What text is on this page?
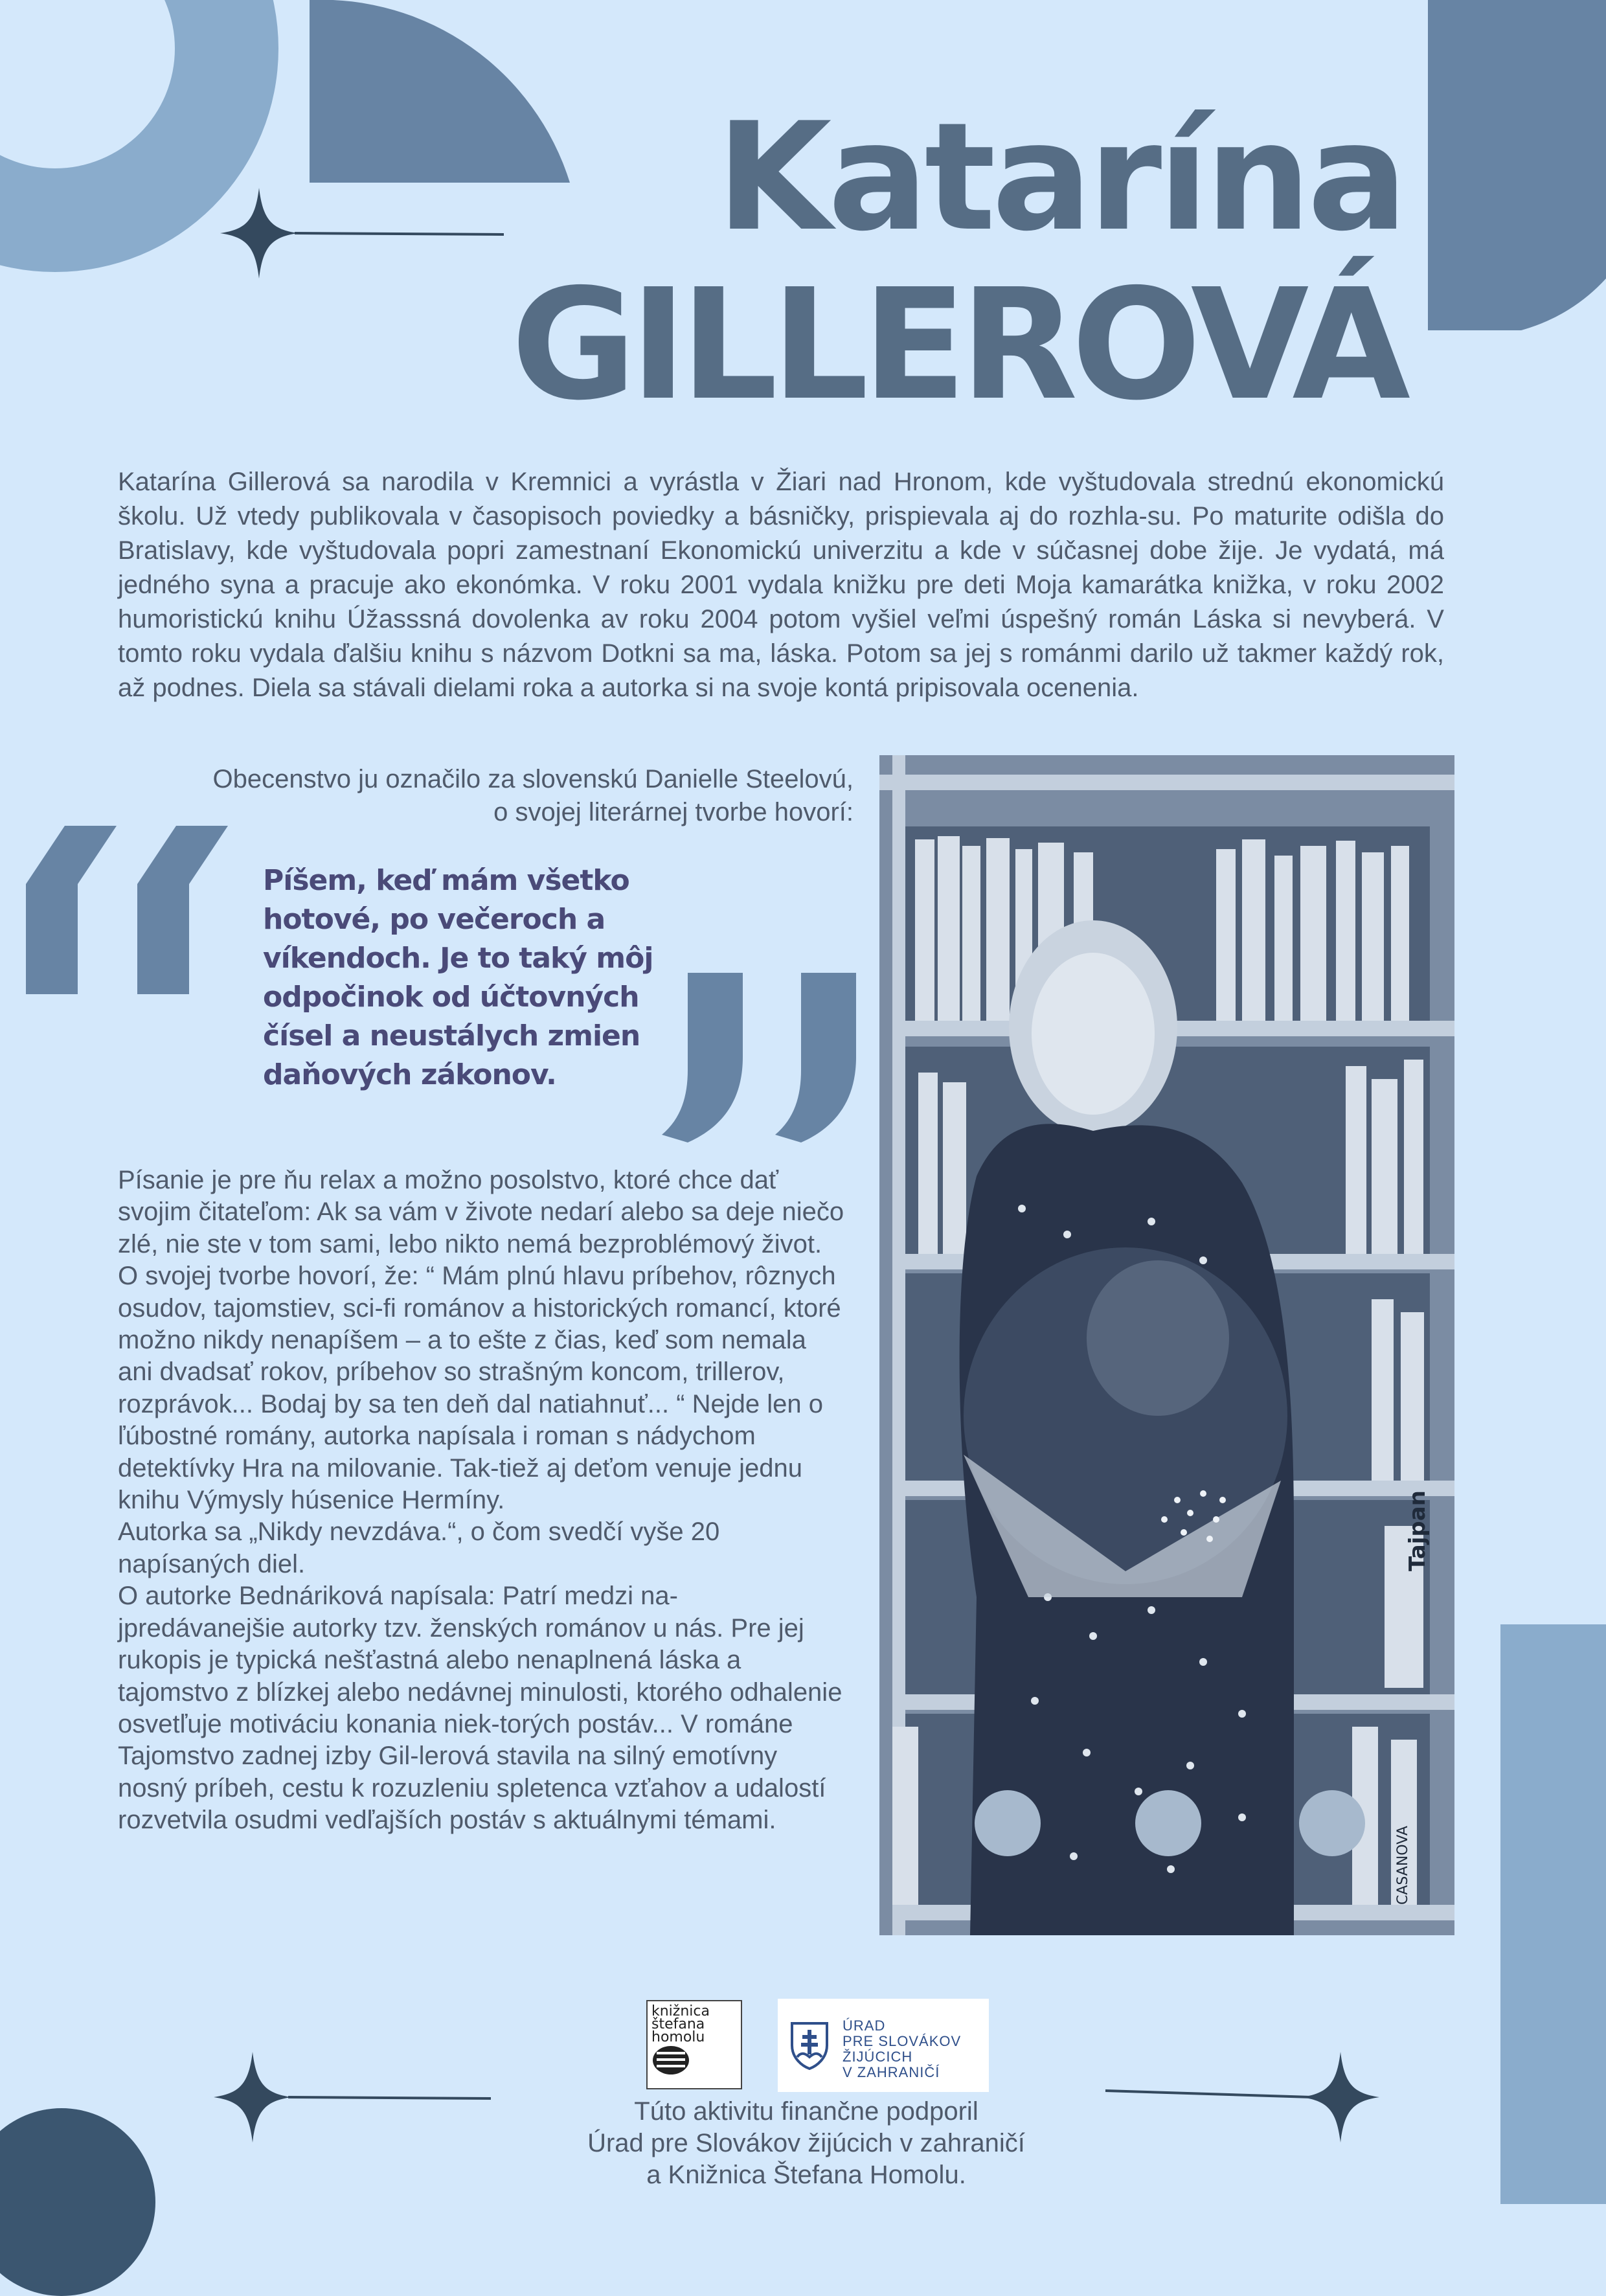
Katarína
GILLEROVÁ
Katarína Gillerová sa narodila v Kremnici a vyrástla v Žiari nad Hronom, kde vyštudovala strednú ekonomickú školu. Už vtedy publikovala v časopisoch poviedky a básničky, prispievala aj do rozhla-su. Po maturite odišla do Bratislavy, kde vyštudovala popri zamestnaní Ekonomickú univerzitu a kde v súčasnej dobe žije. Je vydatá, má jedného syna a pracuje ako ekonómka. V roku 2001 vydala knižku pre deti Moja kamarátka knižka, v roku 2002 humoristickú knihu Úžasssná dovolenka av roku 2004 potom vyšiel veľmi úspešný román Láska si nevyberá. V tomto roku vydala ďalšiu knihu s názvom Dotkni sa ma, láska. Potom sa jej s románmi darilo už takmer každý rok, až podnes. Diela sa stávali dielami roka a autorka si na svoje kontá pripisovala ocenenia.
Obecenstvo ju označilo za slovenskú Danielle Steelovú,
o svojej literárnej tvorbe hovorí:
Píšem, keď mám všetko hotové, po večeroch a víkendoch. Je to taký môj odpočinok od účtovných čísel a neustálych zmien daňových zákonov.

Písanie je pre ňu relax a možno posolstvo, ktoré chce dať svojim čitateľom: Ak sa vám v živote nedarí alebo sa deje niečo zlé, nie ste v tom sami, lebo nikto nemá bezproblémový život. O svojej tvorbe hovorí, že: “ Mám plnú hlavu príbehov, rôznych osudov, tajomstiev, sci-fi románov a historických romancí, ktoré možno nikdy nenapíšem – a to ešte z čias, keď som nemala ani dvadsať rokov, príbehov so strašným koncom, trillerov, rozprávok... Bodaj by sa ten deň dal natiahnuť... “ Nejde len o ľúbostné romány, autorka napísala i roman s nádychom detektívky Hra na milovanie. Tak-tiež aj deťom venuje jednu knihu Výmysly húsenice Hermíny.

Autorka sa „Nikdy nevzdáva.“, o čom svedčí vyše 20 napísaných diel.

O autorke Bednáriková napísala: Patrí medzi na-jpredávanejšie autorky tzv. ženských románov u nás. Pre jej rukopis je typická nešťastná alebo nenaplnená láska a tajomstvo z blízkej alebo nedávnej minulosti, ktorého odhalenie osvetľuje motiváciu konania niek-torých postáv... V románe Tajomstvo zadnej izby Gil-lerová stavila na silný emotívny nosný príbeh, cestu k rozuzleniu spletenca vzťahov a udalostí rozvetvila osudmi vedľajších postáv s aktuálnymi témami.

Tajpan
CASANOVA
knižnica
štefana
homolu
ÚRAD
PRE SLOVÁKOV
ŽIJÚCICH
V ZAHRANIČÍ
Túto aktivitu finančne podporil
Úrad pre Slovákov žijúcich v zahraničí
a Knižnica Štefana Homolu.
